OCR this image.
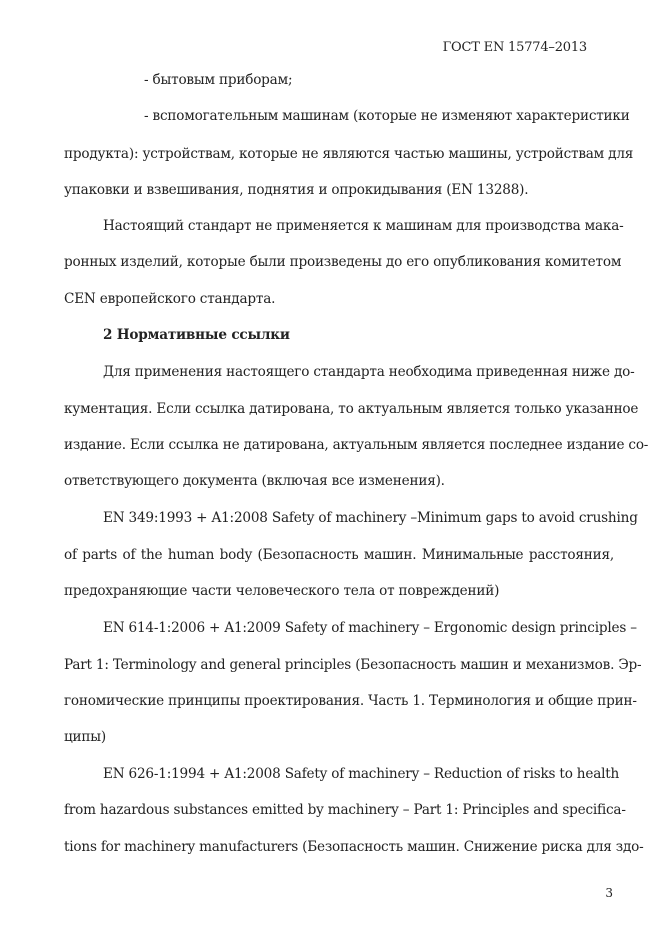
ГОСТ EN 15774–2013
- бытовым приборам;
- вспомогательным машинам (которые не изменяют характеристики
продукта): устройствам, которые не являются частью машины, устройствам для
упаковки и взвешивания, поднятия и опрокидывания (EN 13288).
Настоящий стандарт не применяется к машинам для производства мака-
ронных изделий, которые были произведены до его опубликования комитетом
CEN европейского стандарта.
2 Нормативные ссылки
Для применения настоящего стандарта необходима приведенная ниже до-
кументация. Если ссылка датирована, то актуальным является только указанное
издание. Если ссылка не датирована, актуальным является последнее издание со-
ответствующего документа (включая все изменения).
EN 349:1993 + A1:2008 Safety of machinery –Minimum gaps to avoid crushing
of parts of the human body (Безопасность машин. Минимальные расстояния,
предохраняющие части человеческого тела от повреждений)
EN 614-1:2006 + A1:2009 Safety of machinery – Ergonomic design principles –
Part 1: Terminology and general principles (Безопасность машин и механизмов. Эр-
гономические принципы проектирования. Часть 1. Терминология и общие прин-
ципы)
EN 626-1:1994 + A1:2008 Safety of machinery – Reduction of risks to health
from hazardous substances emitted by machinery – Part 1: Principles and specifica-
tions for machinery manufacturers (Безопасность машин. Снижение риска для здо-
3
